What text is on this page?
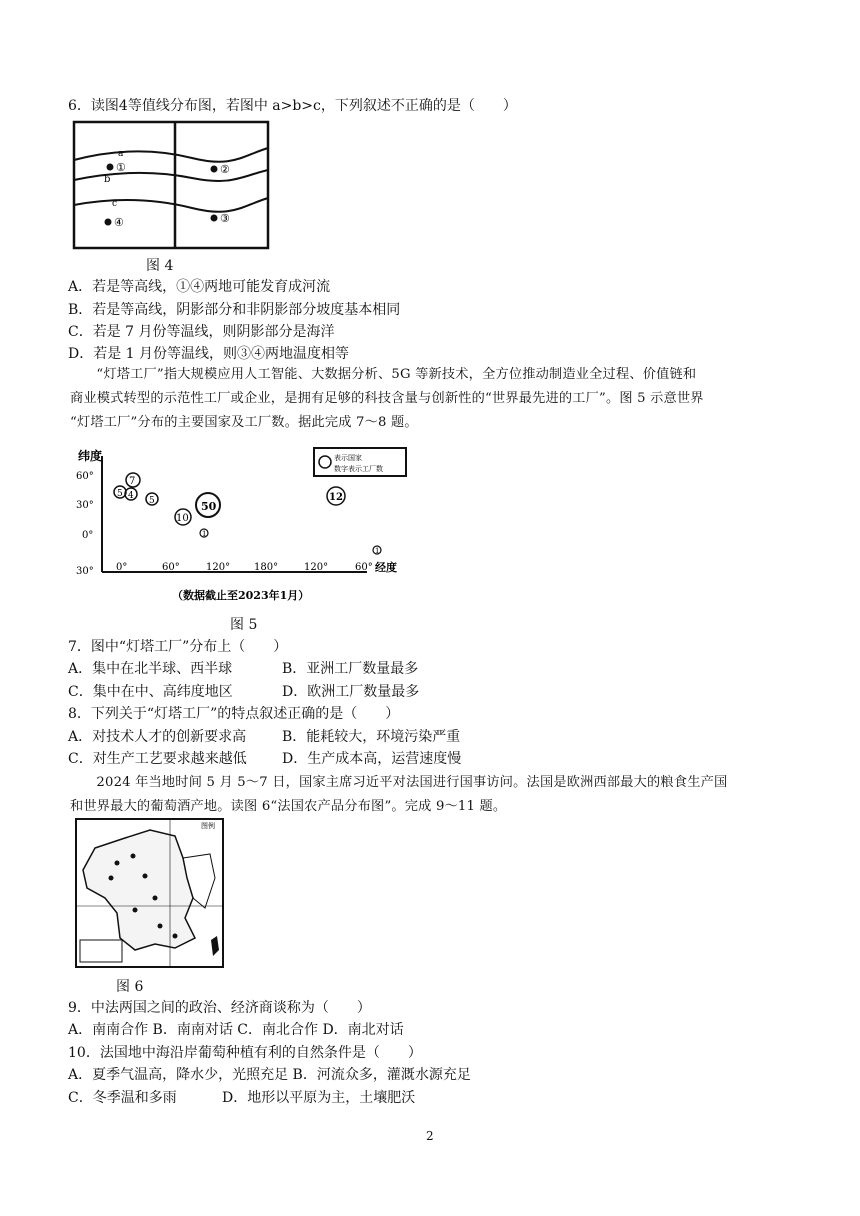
6．读图4等值线分布图，若图中 a>b>c，下列叙述不正确的是（　　）
a
b
c
①	②
④	③
图 4
A．若是等高线，①④两地可能发育成河流
B．若是等高线，阴影部分和非阴影部分坡度基本相同
C．若是 7 月份等温线，则阴影部分是海洋
D．若是 1 月份等温线，则③④两地温度相等
“灯塔工厂”指大规模应用人工智能、大数据分析、5G 等新技术，全方位推动制造业全过程、价值链和
商业模式转型的示范性工厂或企业，是拥有足够的科技含量与创新性的“世界最先进的工厂”。图 5 示意世界
“灯塔工厂”分布的主要国家及工厂数。据此完成 7～8 题。
纬度
60°
30°
0°
30° 0°	60°	120° 180°	120°	60° 经度
7
5 4 5	50
10
1
12
1
表示国家
数字表示工厂数
（数据截止至2023年1月）
图 5
7．图中“灯塔工厂”分布上（　　）
A．集中在北半球、西半球	B．亚洲工厂数量最多
C．集中在中、高纬度地区	D．欧洲工厂数量最多
8．下列关于“灯塔工厂”的特点叙述正确的是（　　）
A．对技术人才的创新要求高	B．能耗较大，环境污染严重
C．对生产工艺要求越来越低	D．生产成本高，运营速度慢
2024 年当地时间 5 月 5～7 日，国家主席习近平对法国进行国事访问。法国是欧洲西部最大的粮食生产国
和世界最大的葡萄酒产地。读图 6“法国农产品分布图”。完成 9～11 题。
图例
图 6
9．中法两国之间的政治、经济商谈称为（　　）
A．南南合作 B．南南对话 C．南北合作 D．南北对话
10．法国地中海沿岸葡萄种植有利的自然条件是（　　）
A．夏季气温高，降水少，光照充足 B．河流众多，灌溉水源充足
C．冬季温和多雨	D．地形以平原为主，土壤肥沃
2
